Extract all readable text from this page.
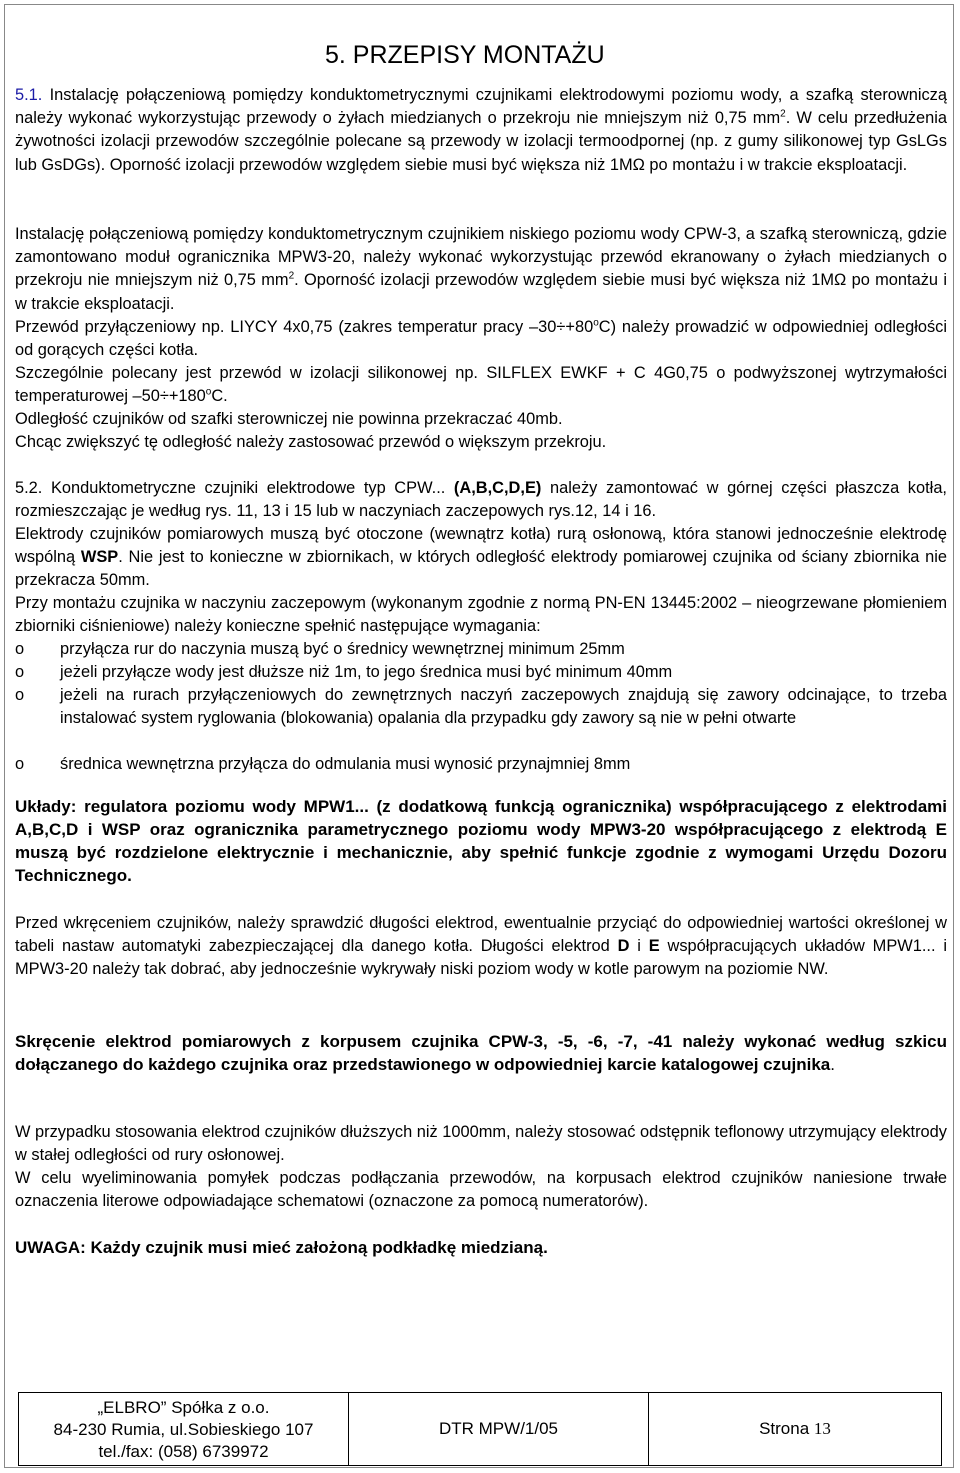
5. PRZEPISY MONTAŻU

5.1. Instalację połączeniową pomiędzy konduktometrycznymi czujnikami elektrodowymi poziomu wody, a szafką sterowniczą należy wykonać wykorzystując przewody o żyłach miedzianych o przekroju nie mniejszym niż 0,75 $mm^2$. W celu przedłużenia żywotności izolacji przewodów szczególnie polecane są przewody w izolacji termoodpornej (np. z gumy silikonowej typ GsLGs lub GsDGs). Oporność izolacji przewodów względem siebie musi być większa niż 1MΩ po montażu i w trakcie eksploatacji.

Instalację połączeniową pomiędzy konduktometrycznym czujnikiem niskiego poziomu wody CPW-3, a szafką sterowniczą, gdzie zamontowano moduł ogranicznika MPW3-20, należy wykonać wykorzystując przewód ekranowany o żyłach miedzianych o przekroju nie mniejszym niż 0,75 $mm^2$. Oporność izolacji przewodów względem siebie musi być większa niż 1MΩ po montażu i w trakcie eksploatacji.

Przewód przyłączeniowy np. LIYCY 4x0,75 (zakres temperatur pracy $-30\div+80^oC$) należy prowadzić w odpowiedniej odległości od gorących części kotła.

Szczególnie polecany jest przewód w izolacji silikonowej np. SILFLEX EWKF + C 4G0,75 o podwyższonej wytrzymałości temperaturowej $-50\div+180^oC$.

Odległość czujników od szafki sterowniczej nie powinna przekraczać 40mb.

Chcąc zwiększyć tę odległość należy zastosować przewód o większym przekroju.

5.2. Konduktometryczne czujniki elektrodowe typ CPW... (A,B,C,D,E) należy zamontować w górnej części płaszcza kotła, rozmieszczając je według rys. 11, 13 i 15 lub w naczyniach zaczepowych rys.12, 14 i 16.

Elektrody czujników pomiarowych muszą być otoczone (wewnątrz kotła) rurą osłonową, która stanowi jednocześnie elektrodę wspólną WSP. Nie jest to konieczne w zbiornikach, w których odległość elektrody pomiarowej czujnika od ściany zbiornika nie przekracza 50mm.

Przy montażu czujnika w naczyniu zaczepowym (wykonanym zgodnie z normą PN-EN 13445:2002 – nieogrzewane płomieniem zbiorniki ciśnieniowe) należy konieczne spełnić następujące wymagania:

o przyłącza rur do naczynia muszą być o średnicy wewnętrznej minimum 25mm
o jeżeli przyłącze wody jest dłuższe niż 1m, to jego średnica musi być minimum 40mm
o jeżeli na rurach przyłączeniowych do zewnętrznych naczyń zaczepowych znajdują się zawory odcinające, to trzeba instalować system ryglowania (blokowania) opalania dla przypadku gdy zawory są nie w pełni otwarte
o średnica wewnętrzna przyłącza do odmulania musi wynosić przynajmniej 8mm

Układy: regulatora poziomu wody MPW1... (z dodatkową funkcją ogranicznika) współpracującego z elektrodami A,B,C,D i WSP oraz ogranicznika parametrycznego poziomu wody MPW3-20 współpracującego z elektrodą E muszą być rozdzielone elektrycznie i mechanicznie, aby spełnić funkcje zgodnie z wymogami Urzędu Dozoru Technicznego.

Przed wkręceniem czujników, należy sprawdzić długości elektrod, ewentualnie przyciąć do odpowiedniej wartości określonej w tabeli nastaw automatyki zabezpieczającej dla danego kotła. Długości elektrod D i E współpracujących układów MPW1... i MPW3-20 należy tak dobrać, aby jednocześnie wykrywały niski poziom wody w kotle parowym na poziomie NW.

Skręcenie elektrod pomiarowych z korpusem czujnika CPW-3, -5, -6, -7, -41 należy wykonać według szkicu dołączanego do każdego czujnika oraz przedstawionego w odpowiedniej karcie katalogowej czujnika.

W przypadku stosowania elektrod czujników dłuższych niż 1000mm, należy stosować odstępnik teflonowy utrzymujący elektrody w stałej odległości od rury osłonowej.

W celu wyeliminowania pomyłek podczas podłączania przewodów, na korpusach elektrod czujników naniesione trwałe oznaczenia literowe odpowiadające schematowi (oznaczone za pomocą numeratorów).

UWAGA: Każdy czujnik musi mieć założoną podkładkę miedzianą.

„ELBRO” Spółka z o.o.
84-230 Rumia, ul.Sobieskiego 107
tel./fax: (058) 6739972
DTR MPW/1/05	Strona 13
